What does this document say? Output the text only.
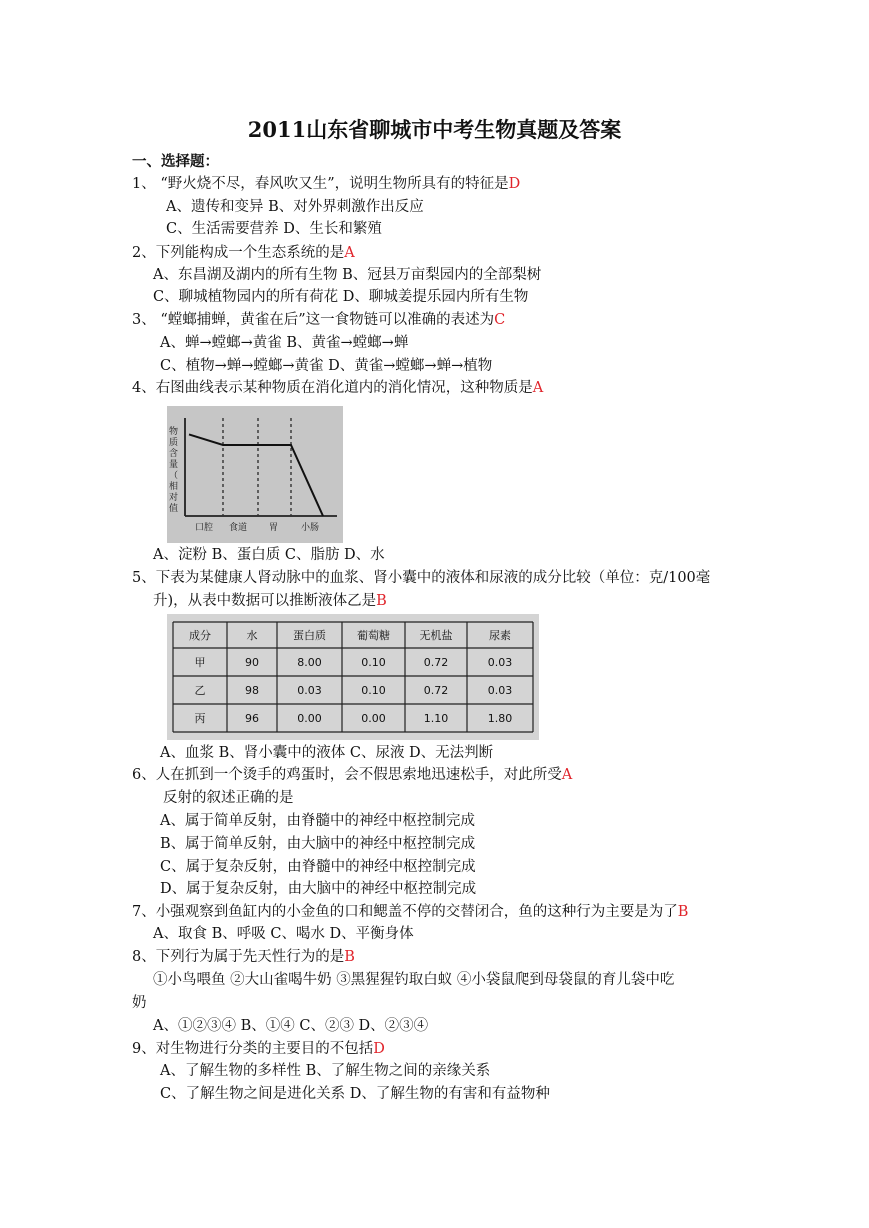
2011山东省聊城市中考生物真题及答案
一、选择题：
1、 “野火烧不尽，春风吹又生”，说明生物所具有的特征是D
A、遗传和变异 B、对外界刺激作出反应
C、生活需要营养 D、生长和繁殖
2、下列能构成一个生态系统的是A
A、东昌湖及湖内的所有生物 B、冠县万亩梨园内的全部梨树
C、聊城植物园内的所有荷花 D、聊城姜提乐园内所有生物
3、 “螳螂捕蝉，黄雀在后”这一食物链可以准确的表述为C
A、蝉→螳螂→黄雀 B、黄雀→螳螂→蝉
C、植物→蝉→螳螂→黄雀 D、黄雀→螳螂→蝉→植物
4、右图曲线表示某种物质在消化道内的消化情况，这种物质是A
物
质
含
量
（
相
对
值
口腔 食道 胃	小肠
A、淀粉 B、蛋白质 C、脂肪 D、水
5、下表为某健康人肾动脉中的血浆、肾小囊中的液体和尿液的成分比较（单位：克/100毫
升)，从表中数据可以推断液体乙是B
成分	水	蛋白质	葡萄糖	无机盐	尿素
甲	90	8.00	0.10	0.72	0.03
乙	98	0.03	0.10	0.72	0.03
丙	96	0.00	0.00	1.10	1.80
A、血浆 B、肾小囊中的液体 C、尿液 D、无法判断
6、人在抓到一个烫手的鸡蛋时，会不假思索地迅速松手，对此所受A
反射的叙述正确的是
A、属于简单反射，由脊髓中的神经中枢控制完成
B、属于简单反射，由大脑中的神经中枢控制完成
C、属于复杂反射，由脊髓中的神经中枢控制完成
D、属于复杂反射，由大脑中的神经中枢控制完成
7、小强观察到鱼缸内的小金鱼的口和鳃盖不停的交替闭合，鱼的这种行为主要是为了B
A、取食 B、呼吸 C、喝水 D、平衡身体
8、下列行为属于先天性行为的是B
①小鸟喂鱼 ②大山雀喝牛奶 ③黑猩猩钓取白蚁 ④小袋鼠爬到母袋鼠的育儿袋中吃
奶
A、①②③④ B、①④ C、②③ D、②③④
9、对生物进行分类的主要目的不包括D
A、了解生物的多样性 B、了解生物之间的亲缘关系
C、了解生物之间是进化关系 D、了解生物的有害和有益物种
